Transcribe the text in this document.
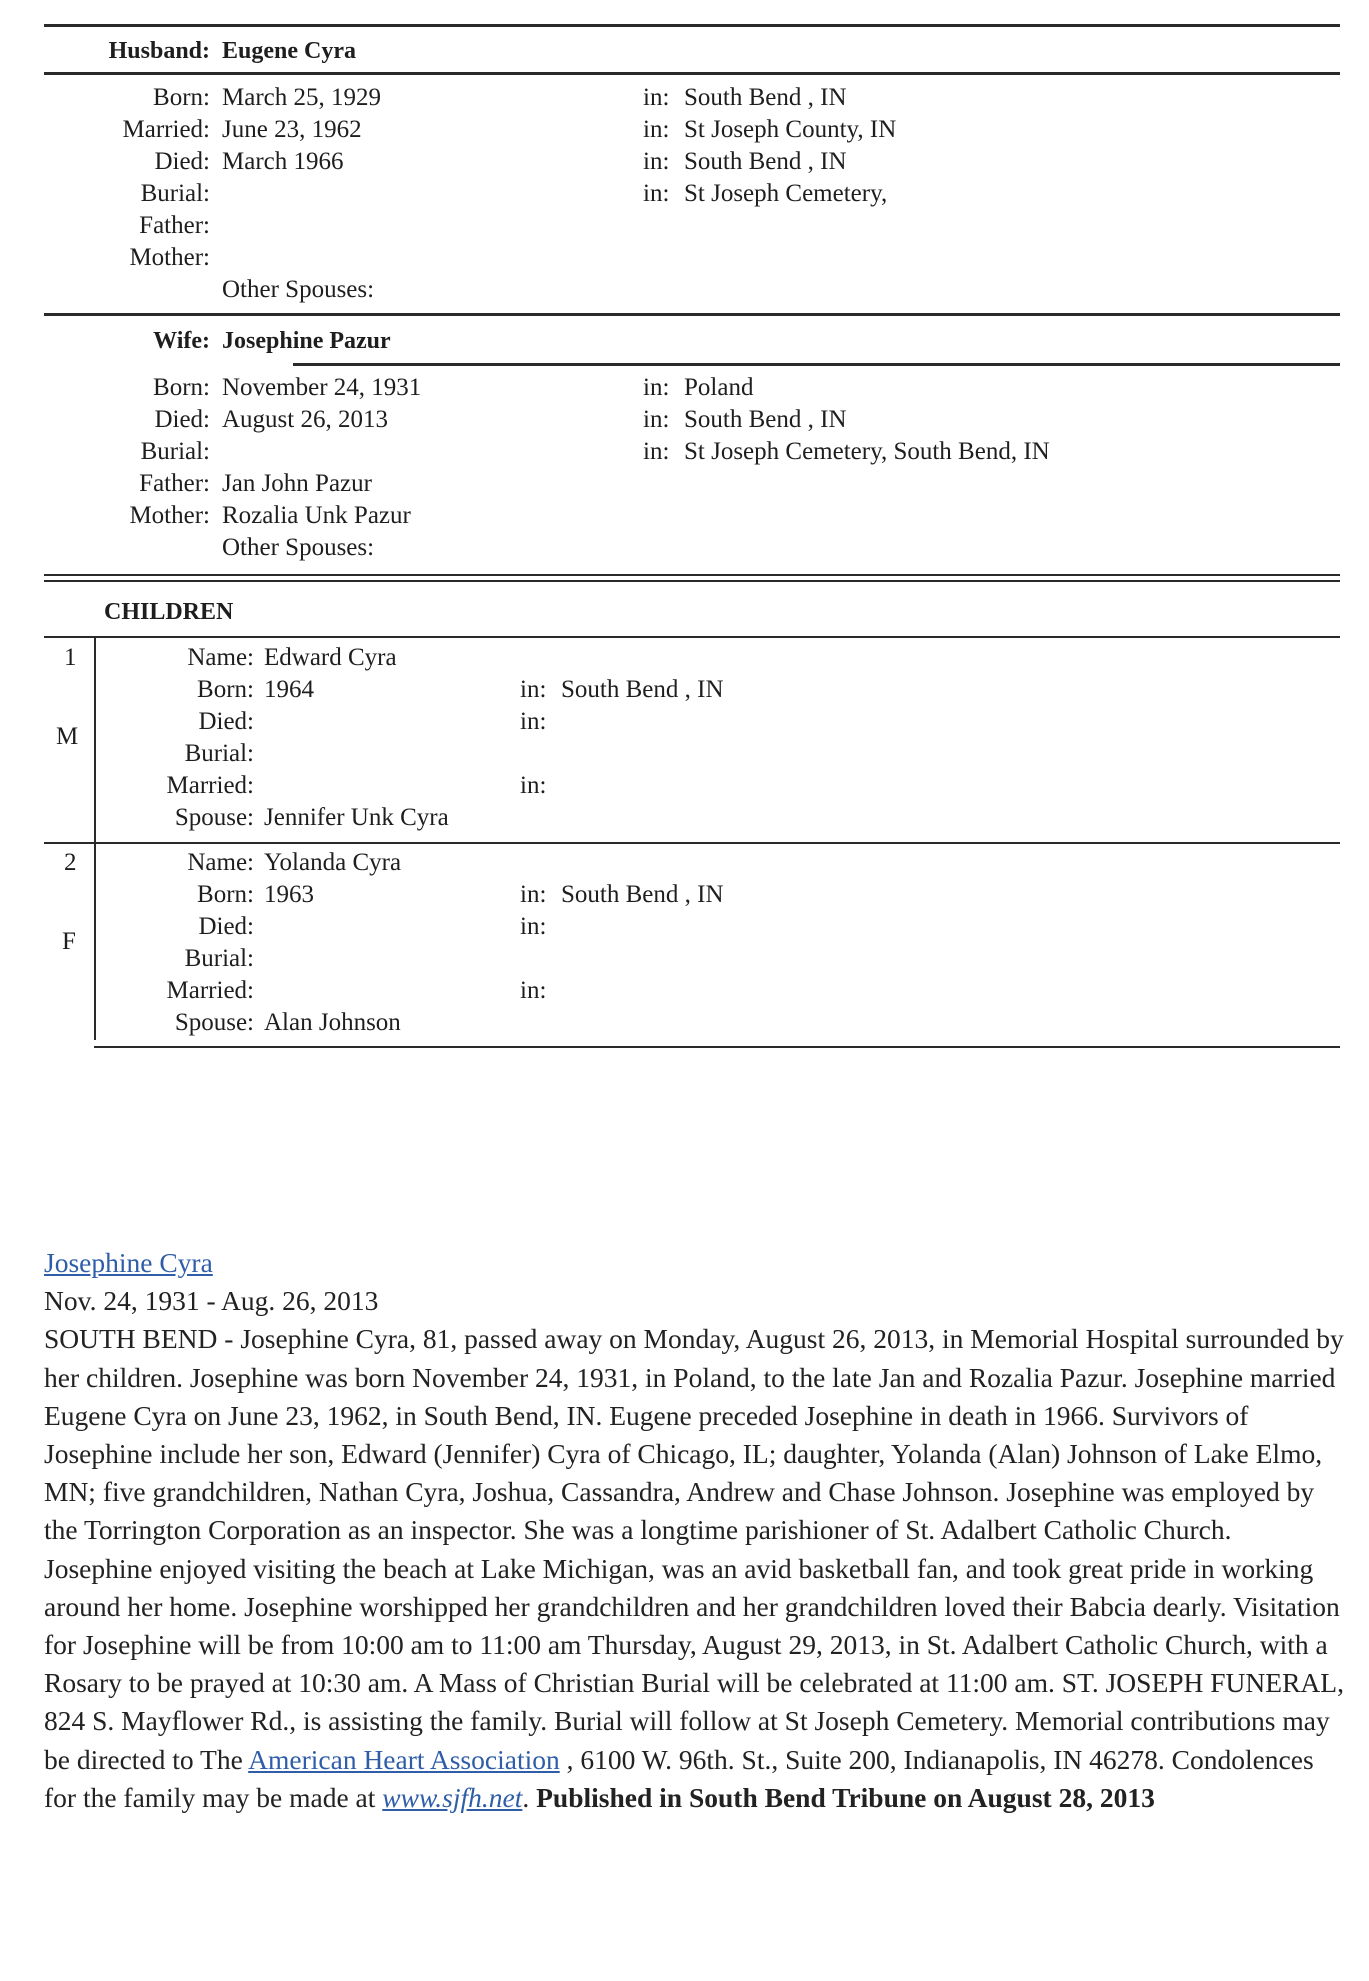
Husband: Eugene Cyra
Born:
Married:
Died:
Burial:
Father:
Mother:
March 25, 1929
June 23, 1962
March 1966
in: South Bend , IN
in: St Joseph County, IN
in: South Bend , IN
in: St Joseph Cemetery,
Other Spouses:
Wife: Josephine Pazur
Born:
Died:
Burial:
Father:
Mother:
November 24, 1931
August 26, 2013
Jan John Pazur
Rozalia Unk Pazur
in: Poland
in: South Bend , IN
in: St Joseph Cemetery, South Bend, IN
Other Spouses:
CHILDREN
1
M
Name:
Born:
Died:
Burial:
Married:
Spouse:
Edward Cyra
1964
Jennifer Unk Cyra
in: South Bend , IN
in:
in:
2
F
Name:
Born:
Died:
Burial:
Married:
Spouse:
Yolanda Cyra
1963
Alan Johnson
in: South Bend , IN
in:
in:

Josephine Cyra

Nov. 24, 1931 - Aug. 26, 2013

SOUTH BEND - Josephine Cyra, 81, passed away on Monday, August 26, 2013, in Memorial Hospital surrounded by her children. Josephine was born November 24, 1931, in Poland, to the late Jan and Rozalia Pazur. Josephine married Eugene Cyra on June 23, 1962, in South Bend, IN. Eugene preceded Josephine in death in 1966. Survivors of Josephine include her son, Edward (Jennifer) Cyra of Chicago, IL; daughter, Yolanda (Alan) Johnson of Lake Elmo, MN; five grandchildren, Nathan Cyra, Joshua, Cassandra, Andrew and Chase Johnson. Josephine was employed by the Torrington Corporation as an inspector. She was a longtime parishioner of St. Adalbert Catholic Church. Josephine enjoyed visiting the beach at Lake Michigan, was an avid basketball fan, and took great pride in working around her home. Josephine worshipped her grandchildren and her grandchildren loved their Babcia dearly. Visitation for Josephine will be from 10:00 am to 11:00 am Thursday, August 29, 2013, in St. Adalbert Catholic Church, with a Rosary to be prayed at 10:30 am. A Mass of Christian Burial will be celebrated at 11:00 am. ST. JOSEPH FUNERAL, 824 S. Mayflower Rd., is assisting the family. Burial will follow at St Joseph Cemetery. Memorial contributions may be directed to The American Heart Association , 6100 W. 96th. St., Suite 200, Indianapolis, IN 46278. Condolences for the family may be made at www.sjfh.net. Published in South Bend Tribune on August 28, 2013
